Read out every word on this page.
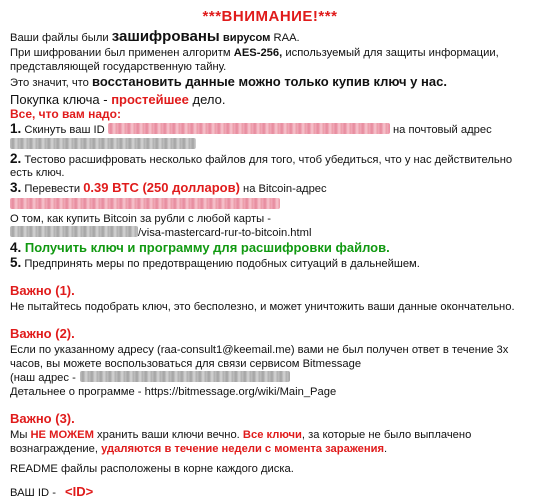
***ВНИМАНИЕ!***
Ваши файлы были зашифрованы вирусом RAA.
При шифровании был применен алгоритм AES-256, используемый для защиты информации,
представляющей государственную тайну.
Это значит, что восстановить данные можно только купив ключ у нас.
Покупка ключа - простейшее дело.
Все, что вам надо:
1. Скинуть ваш ID	на почтовый адрес
2. Тестово расшифровать несколько файлов для того, чтоб убедиться, что у нас действительно
есть ключ.
3. Перевести 0.39 BTC (250 долларов) на Bitcoin-адрес
О том, как купить Bitcoin за рубли с любой карты -
/visa-mastercard-rur-to-bitcoin.html
4. Получить ключ и программу для расшифровки файлов.
5. Предпринять меры по предотвращению подобных ситуаций в дальнейшем.
Важно (1).
Не пытайтесь подобрать ключ, это бесполезно, и может уничтожить ваши данные окончательно.
Важно (2).
Если по указанному адресу (raa-consult1@keemail.me) вами не был получен ответ в течение 3х
часов, вы можете воспользоваться для связи сервисом Bitmessage
(наш адрес -
Детальнее о программе - https://bitmessage.org/wiki/Main_Page
Важно (3).
Мы НЕ МОЖЕМ хранить ваши ключи вечно. Все ключи, за которые не было выплачено
вознаграждение, удаляются в течение недели с момента заражения.
README файлы расположены в корне каждого диска.
ВАШ ID - <ID>
